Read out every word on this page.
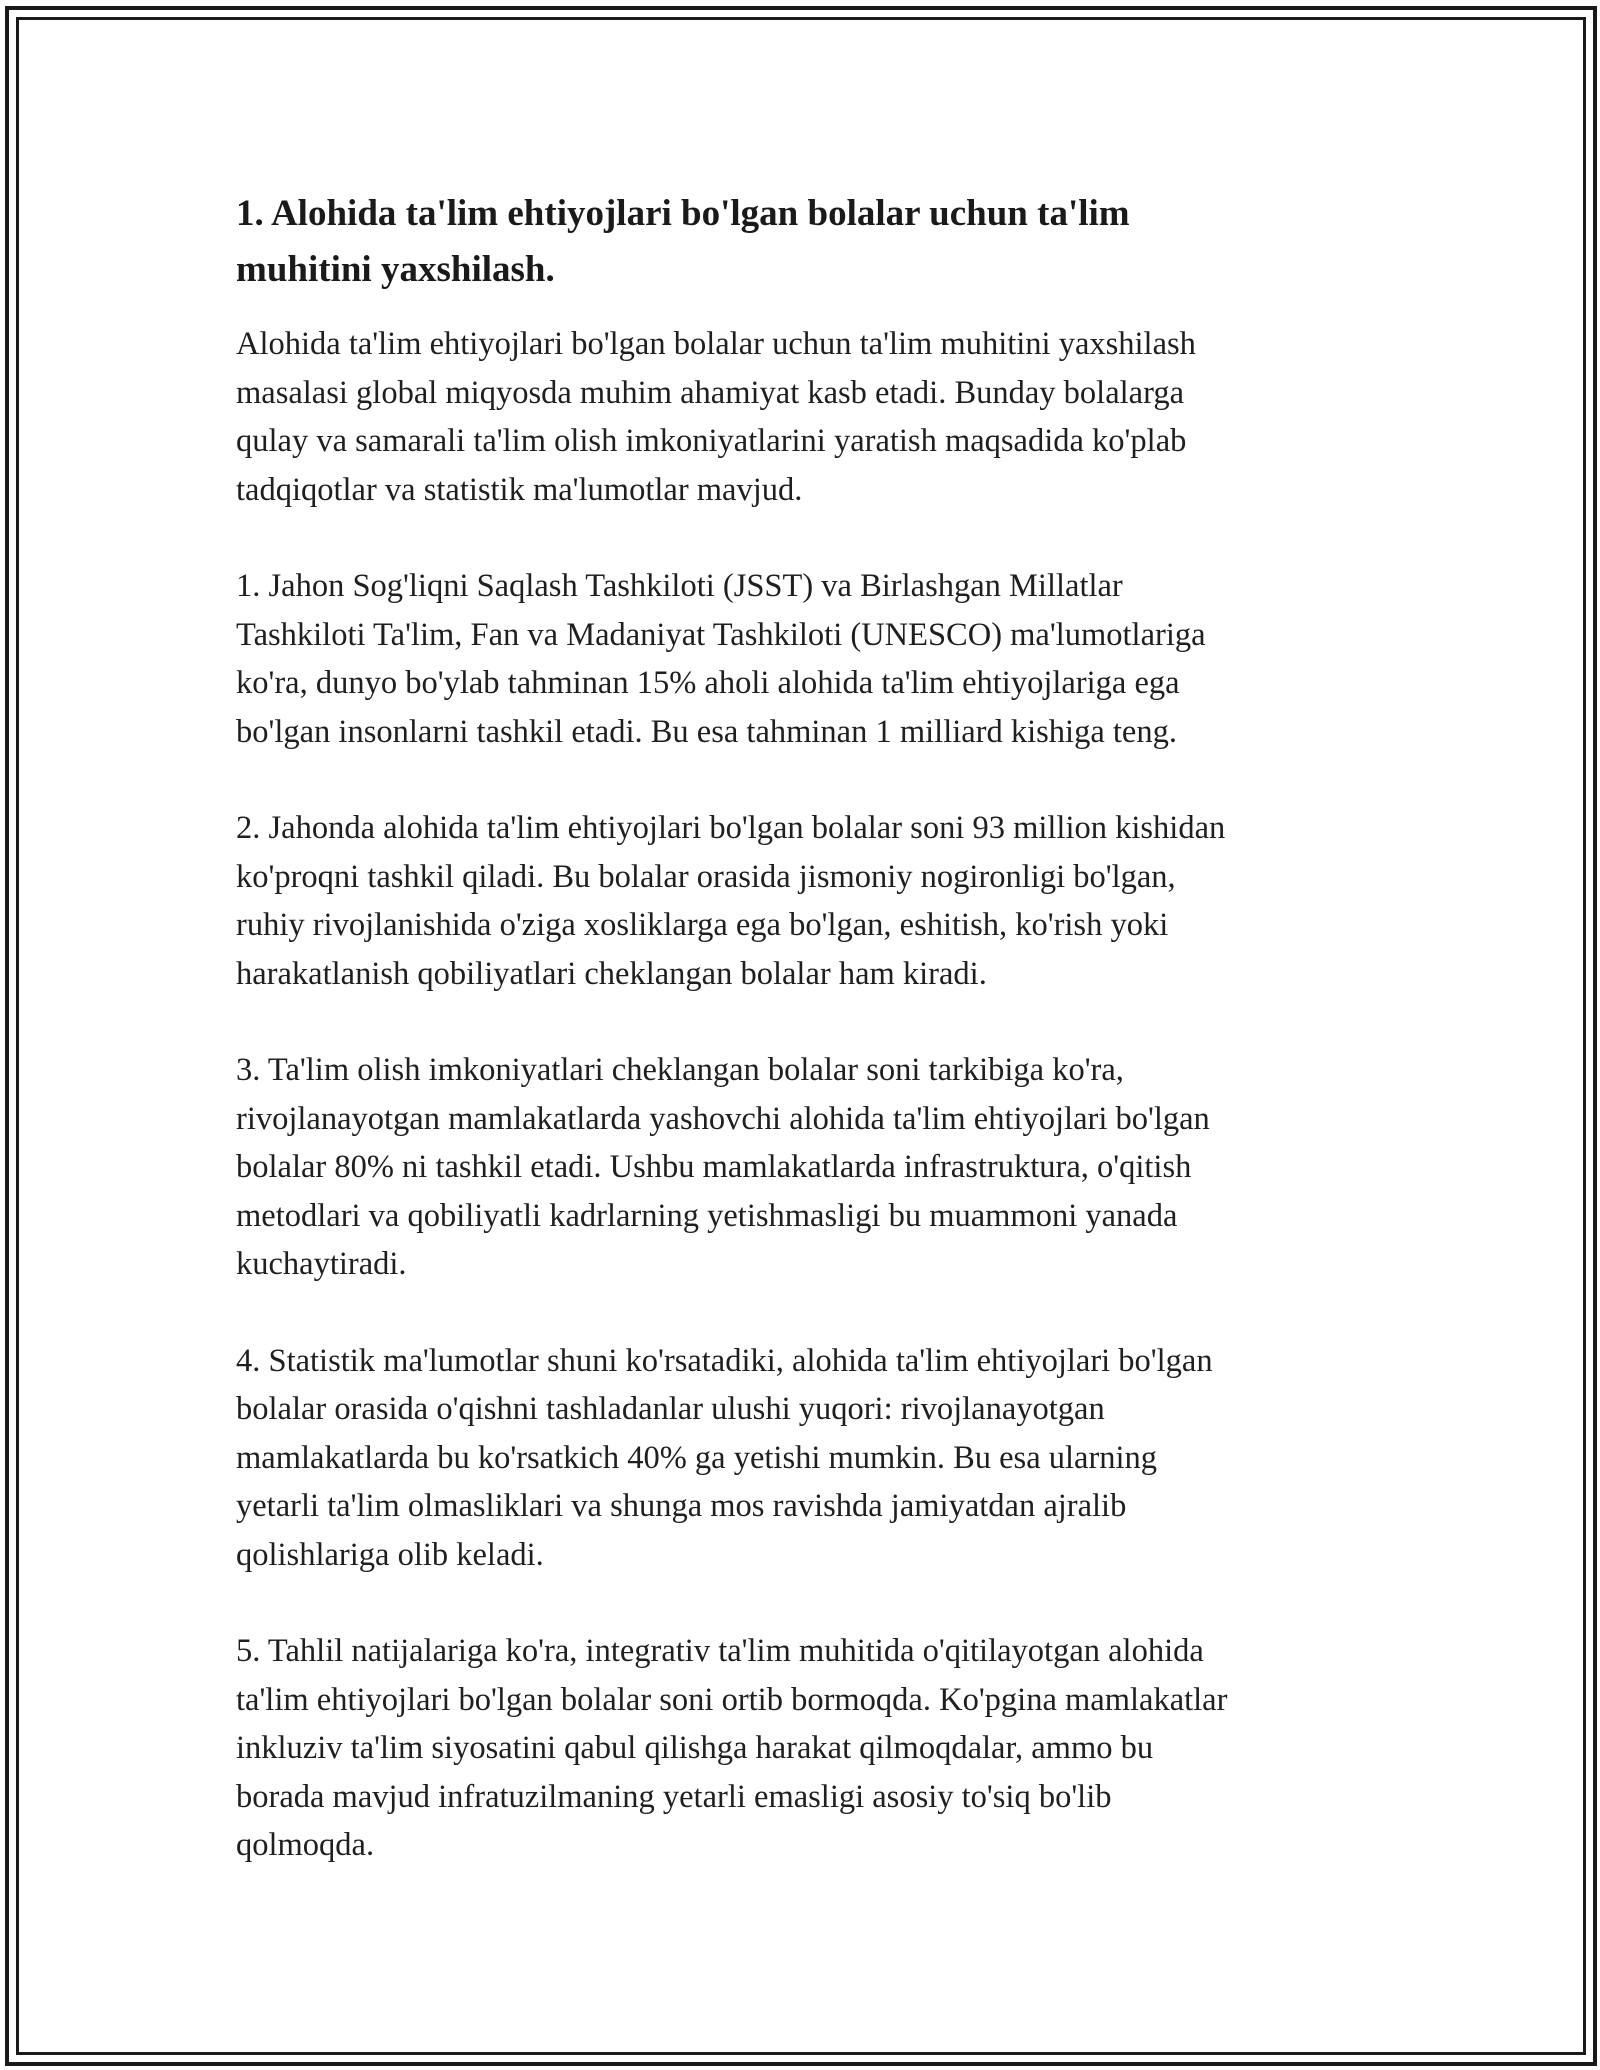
1. Alohida ta'lim ehtiyojlari bo'lgan bolalar uchun ta'lim
muhitini yaxshilash.

Alohida ta'lim ehtiyojlari bo'lgan bolalar uchun ta'lim muhitini yaxshilash
masalasi global miqyosda muhim ahamiyat kasb etadi. Bunday bolalarga
qulay va samarali ta'lim olish imkoniyatlarini yaratish maqsadida ko'plab
tadqiqotlar va statistik ma'lumotlar mavjud.

1. Jahon Sog'liqni Saqlash Tashkiloti (JSST) va Birlashgan Millatlar
Tashkiloti Ta'lim, Fan va Madaniyat Tashkiloti (UNESCO) ma'lumotlariga
ko'ra, dunyo bo'ylab tahminan 15% aholi alohida ta'lim ehtiyojlariga ega
bo'lgan insonlarni tashkil etadi. Bu esa tahminan 1 milliard kishiga teng.

2. Jahonda alohida ta'lim ehtiyojlari bo'lgan bolalar soni 93 million kishidan
ko'proqni tashkil qiladi. Bu bolalar orasida jismoniy nogironligi bo'lgan,
ruhiy rivojlanishida o'ziga xosliklarga ega bo'lgan, eshitish, ko'rish yoki
harakatlanish qobiliyatlari cheklangan bolalar ham kiradi.

3. Ta'lim olish imkoniyatlari cheklangan bolalar soni tarkibiga ko'ra,
rivojlanayotgan mamlakatlarda yashovchi alohida ta'lim ehtiyojlari bo'lgan
bolalar 80% ni tashkil etadi. Ushbu mamlakatlarda infrastruktura, o'qitish
metodlari va qobiliyatli kadrlarning yetishmasligi bu muammoni yanada
kuchaytiradi.

4. Statistik ma'lumotlar shuni ko'rsatadiki, alohida ta'lim ehtiyojlari bo'lgan
bolalar orasida o'qishni tashladanlar ulushi yuqori: rivojlanayotgan
mamlakatlarda bu ko'rsatkich 40% ga yetishi mumkin. Bu esa ularning
yetarli ta'lim olmasliklari va shunga mos ravishda jamiyatdan ajralib
qolishlariga olib keladi.

5. Tahlil natijalariga ko'ra, integrativ ta'lim muhitida o'qitilayotgan alohida
ta'lim ehtiyojlari bo'lgan bolalar soni ortib bormoqda. Ko'pgina mamlakatlar
inkluziv ta'lim siyosatini qabul qilishga harakat qilmoqdalar, ammo bu
borada mavjud infratuzilmaning yetarli emasligi asosiy to'siq bo'lib
qolmoqda.
